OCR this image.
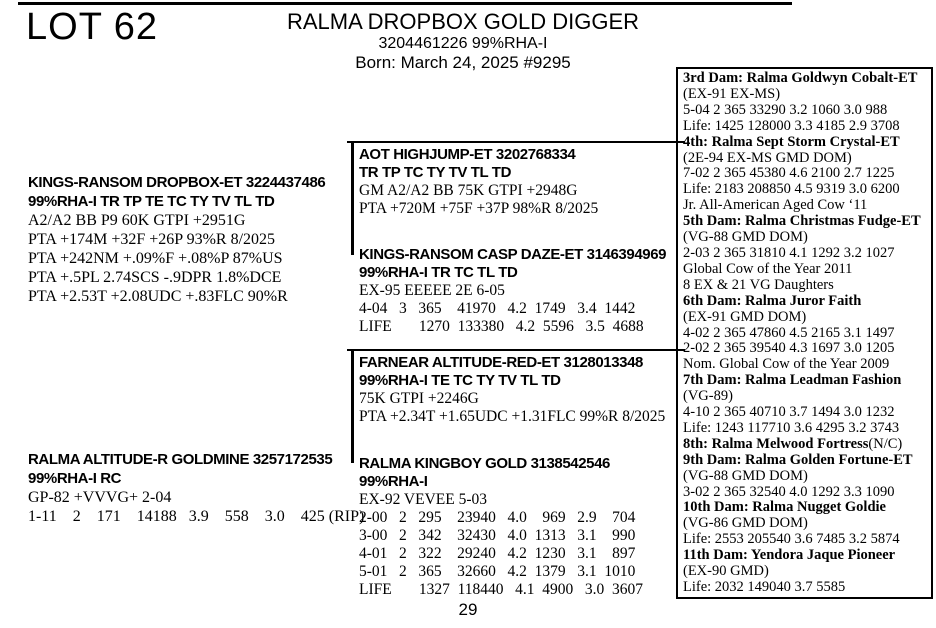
LOT 62	RALMA DROPBOX GOLD DIGGER
3204461226 99%RHA-I
Born: March 24, 2025 #9295
KINGS-RANSOM DROPBOX-ET 3224437486
99%RHA-I TR TP TE TC TY TV TL TD
A2/A2 BB P9 60K GTPI +2951G
PTA +174M +32F +26P 93%R 8/2025
PTA +242NM +.09%F +.08%P 87%US
PTA +.5PL 2.74SCS -.9DPR 1.8%DCE
PTA +2.53T +2.08UDC +.83FLC 90%R
RALMA ALTITUDE-R GOLDMINE 3257172535
99%RHA-I RC
GP-82 +VVVG+ 2-04
1-11    2    171    14188   3.9    558    3.0    425 (RIP)
AOT HIGHJUMP-ET 3202768334
TR TP TC TY TV TL TD
GM A2/A2 BB 75K GTPI +2948G
PTA +720M +75F +37P 98%R 8/2025
KINGS-RANSOM CASP DAZE-ET 3146394969
99%RHA-I TR TC TL TD
EX-95 EEEEE 2E 6-05
4-04   3   365    41970   4.2  1749   3.4  1442
LIFE       1270  133380   4.2  5596   3.5  4688
FARNEAR ALTITUDE-RED-ET 3128013348
99%RHA-I TE TC TY TV TL TD
75K GTPI +2246G
PTA +2.34T +1.65UDC +1.31FLC 99%R 8/2025
RALMA KINGBOY GOLD 3138542546
99%RHA-I
EX-92 VEVEE 5-03
2-00   2   295    23940   4.0    969   2.9    704
3-00   2   342    32430   4.0  1313   3.1    990
4-01   2   322    29240   4.2  1230   3.1    897
5-01   2   365    32660   4.2  1379   3.1  1010
LIFE       1327  118440   4.1  4900   3.0  3607
3rd Dam: Ralma Goldwyn Cobalt-ET
(EX-91 EX-MS)
5-04 2 365 33290 3.2 1060 3.0 988
Life: 1425 128000 3.3 4185 2.9 3708
4th: Ralma Sept Storm Crystal-ET
(2E-94 EX-MS GMD DOM)
7-02 2 365 45380 4.6 2100 2.7 1225
Life: 2183 208850 4.5 9319 3.0 6200
Jr. All-American Aged Cow ‘11
5th Dam: Ralma Christmas Fudge-ET
(VG-88 GMD DOM)
2-03 2 365 31810 4.1 1292 3.2 1027
Global Cow of the Year 2011
8 EX & 21 VG Daughters
6th Dam: Ralma Juror Faith
(EX-91 GMD DOM)
4-02 2 365 47860 4.5 2165 3.1 1497
2-02 2 365 39540 4.3 1697 3.0 1205
Nom. Global Cow of the Year 2009
7th Dam: Ralma Leadman Fashion
(VG-89)
4-10 2 365 40710 3.7 1494 3.0 1232
Life: 1243 117710 3.6 4295 3.2 3743
8th: Ralma Melwood Fortress(N/C)
9th Dam: Ralma Golden Fortune-ET
(VG-88 GMD DOM)
3-02 2 365 32540 4.0 1292 3.3 1090
10th Dam: Ralma Nugget Goldie
(VG-86 GMD DOM)
Life: 2553 205540 3.6 7485 3.2 5874
11th Dam: Yendora Jaque Pioneer
(EX-90 GMD)
Life: 2032 149040 3.7 5585
29
